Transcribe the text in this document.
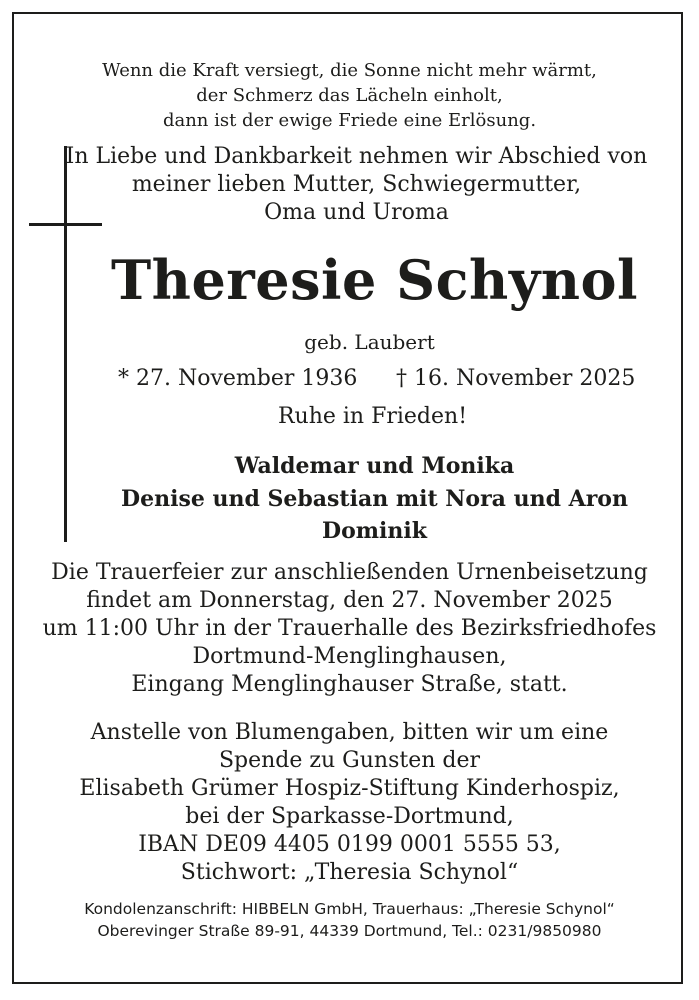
Wenn die Kraft versiegt, die Sonne nicht mehr wärmt,
der Schmerz das Lächeln einholt,
dann ist der ewige Friede eine Erlösung.
In Liebe und Dankbarkeit nehmen wir Abschied von
meiner lieben Mutter, Schwiegermutter,
Oma und Uroma
Theresie Schynol
geb. Laubert
* 27. November 1936 † 16. November 2025
Ruhe in Frieden!
Waldemar und Monika
Denise und Sebastian mit Nora und Aron
Dominik
Die Trauerfeier zur anschließenden Urnenbeisetzung
findet am Donnerstag, den 27. November 2025
um 11:00 Uhr in der Trauerhalle des Bezirksfriedhofes
Dortmund-Menglinghausen,
Eingang Menglinghauser Straße, statt.
Anstelle von Blumengaben, bitten wir um eine
Spende zu Gunsten der
Elisabeth Grümer Hospiz-Stiftung Kinderhospiz,
bei der Sparkasse-Dortmund,
IBAN DE09 4405 0199 0001 5555 53,
Stichwort: „Theresia Schynol“
Kondolenzanschrift: HIBBELN GmbH, Trauerhaus: „Theresie Schynol“
Oberevinger Straße 89-91, 44339 Dortmund, Tel.: 0231/9850980
